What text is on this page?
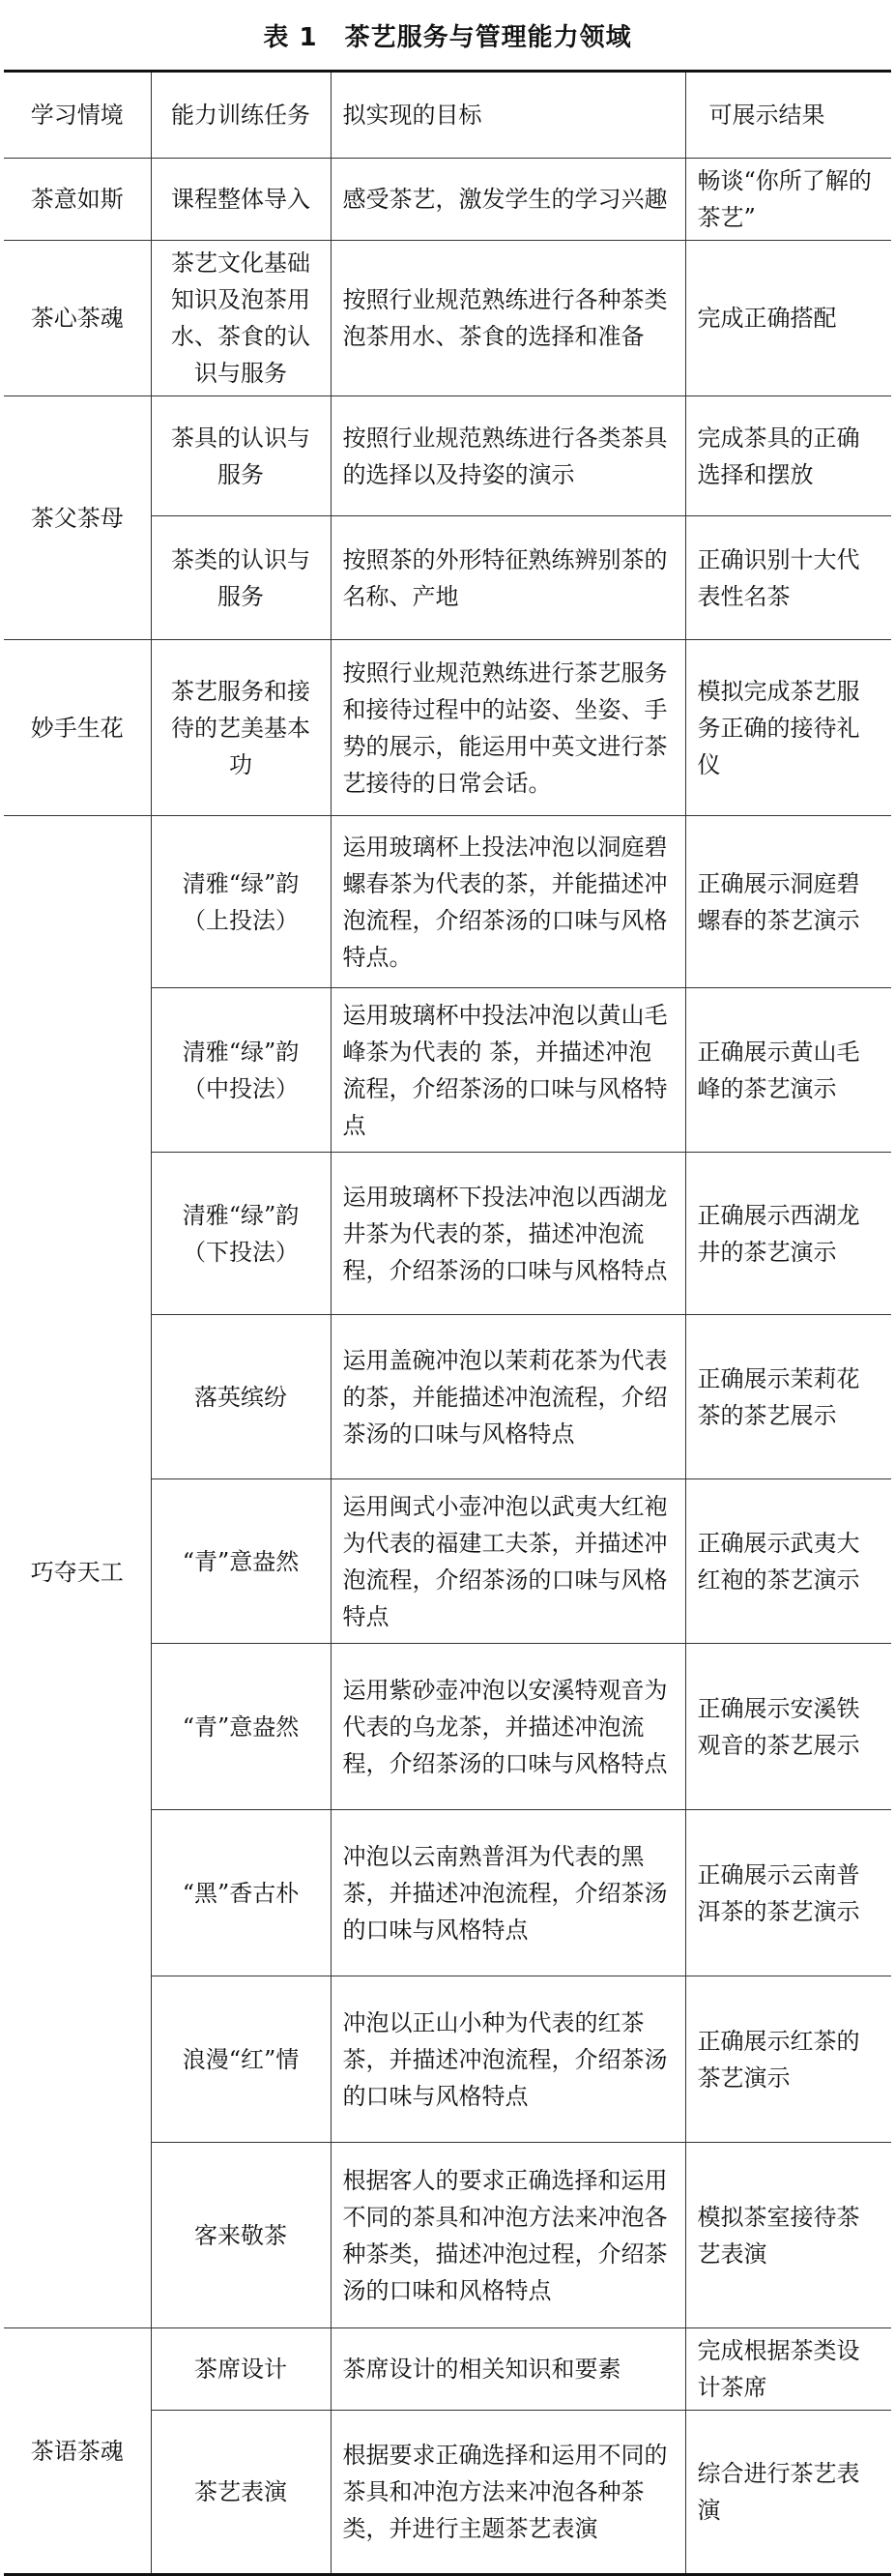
表 1 茶艺服务与管理能力领域
学习情境	能力训练任务	拟实现的目标	可展示结果
茶意如斯	课程整体导入	感受茶艺，激发学生的学习兴趣	畅谈“你所了解的茶艺”
茶心茶魂	茶艺文化基础知识及泡茶用水、茶食的认识与服务	按照行业规范熟练进行各种茶类泡茶用水、茶食的选择和准备	完成正确搭配
茶父茶母	茶具的认识与服务	按照行业规范熟练进行各类茶具的选择以及持姿的演示	完成茶具的正确选择和摆放
	茶类的认识与服务	按照茶的外形特征熟练辨别茶的名称、产地	正确识别十大代表性名茶
妙手生花	茶艺服务和接待的艺美基本功	按照行业规范熟练进行茶艺服务和接待过程中的站姿、坐姿、手势的展示，能运用中英文进行茶艺接待的日常会话。	模拟完成茶艺服务正确的接待礼仪
巧夺天工	清雅“绿”韵（上投法）	运用玻璃杯上投法冲泡以洞庭碧螺春茶为代表的茶，并能描述冲泡流程，介绍茶汤的口味与风格特点。	正确展示洞庭碧螺春的茶艺演示
	清雅“绿”韵（中投法）	运用玻璃杯中投法冲泡以黄山毛峰茶为代表的 茶，并描述冲泡流程，介绍茶汤的口味与风格特点	正确展示黄山毛峰的茶艺演示
	清雅“绿”韵（下投法）	运用玻璃杯下投法冲泡以西湖龙井茶为代表的茶，描述冲泡流程，介绍茶汤的口味与风格特点	正确展示西湖龙井的茶艺演示
	落英缤纷	运用盖碗冲泡以茉莉花茶为代表的茶，并能描述冲泡流程，介绍茶汤的口味与风格特点	正确展示茉莉花茶的茶艺展示
	“青”意盎然	运用闽式小壶冲泡以武夷大红袍为代表的福建工夫茶，并描述冲泡流程，介绍茶汤的口味与风格特点	正确展示武夷大红袍的茶艺演示
	“青”意盎然	运用紫砂壶冲泡以安溪特观音为代表的乌龙茶，并描述冲泡流程，介绍茶汤的口味与风格特点	正确展示安溪铁观音的茶艺展示
	“黑”香古朴	冲泡以云南熟普洱为代表的黑茶，并描述冲泡流程，介绍茶汤的口味与风格特点	正确展示云南普洱茶的茶艺演示
	浪漫“红”情	冲泡以正山小种为代表的红茶茶，并描述冲泡流程，介绍茶汤的口味与风格特点	正确展示红茶的茶艺演示
	客来敬茶	根据客人的要求正确选择和运用不同的茶具和冲泡方法来冲泡各种茶类，描述冲泡过程，介绍茶汤的口味和风格特点	模拟茶室接待茶艺表演
茶语茶魂	茶席设计	茶席设计的相关知识和要素	完成根据茶类设计茶席
	茶艺表演	根据要求正确选择和运用不同的茶具和冲泡方法来冲泡各种茶类，并进行主题茶艺表演	综合进行茶艺表演
